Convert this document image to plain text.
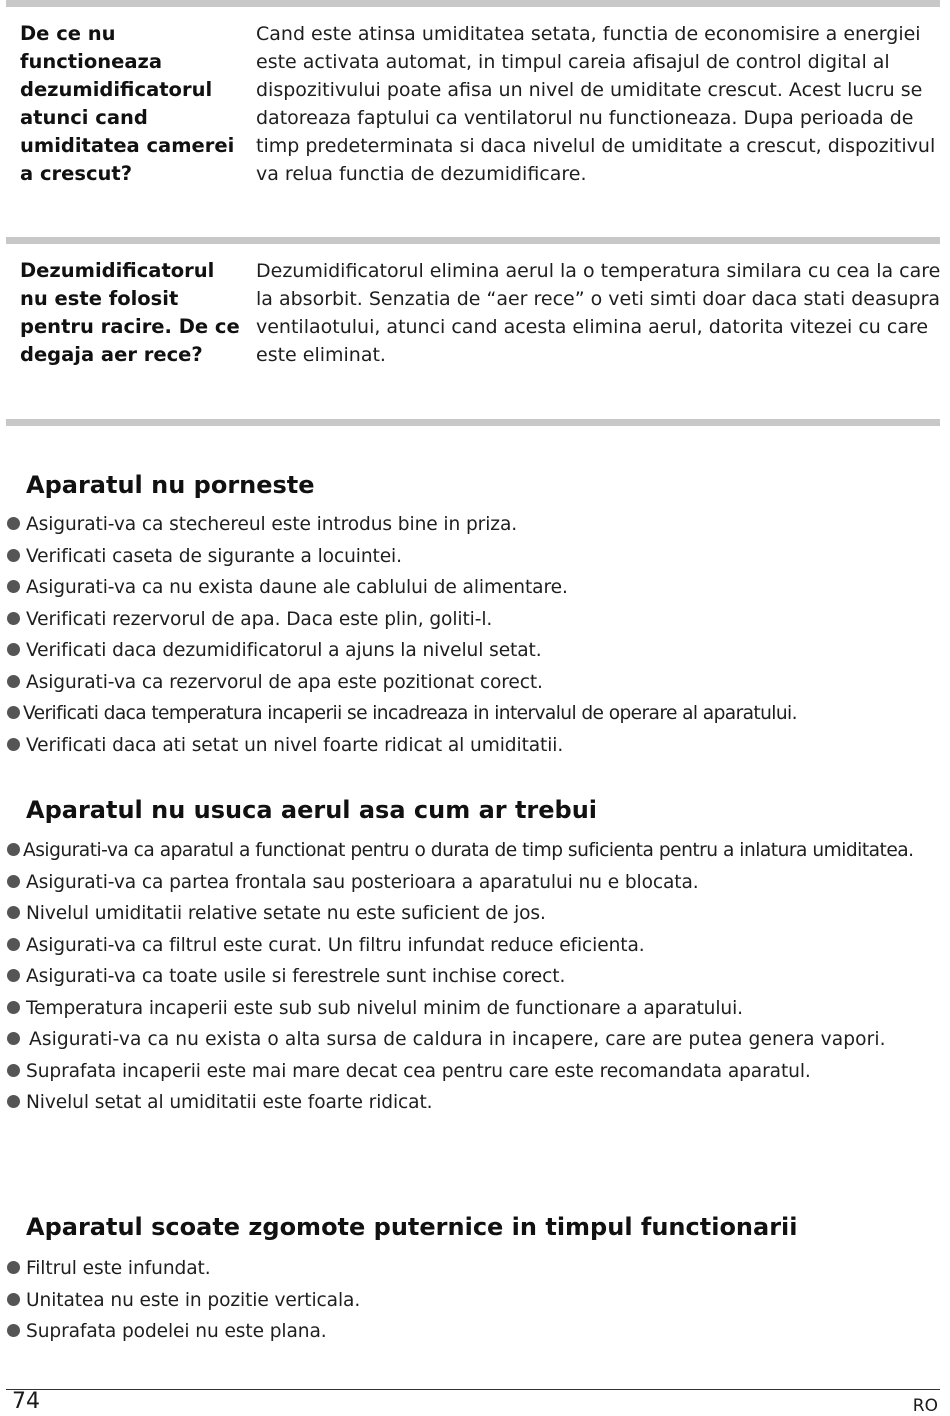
De ce nu functioneaza dezumidificatorul atunci cand umiditatea camerei a crescut?
Cand este atinsa umiditatea setata, functia de economisire a energiei este activata automat, in timpul careia afisajul de control digital al dispozitivului poate afisa un nivel de umiditate crescut. Acest lucru se datoreaza faptului ca ventilatorul nu functioneaza. Dupa perioada de timp predeterminata si daca nivelul de umiditate a crescut, dispozitivul va relua functia de dezumidificare.
Dezumidificatorul nu este folosit pentru racire. De ce degaja aer rece?
Dezumidificatorul elimina aerul la o temperatura similara cu cea la care la absorbit. Senzatia de “aer rece” o veti simti doar daca stati deasupra ventilaotului, atunci cand acesta elimina aerul, datorita vitezei cu care este eliminat.
Aparatul nu porneste
Asigurati-va ca stechereul este introdus bine in priza.
Verificati caseta de sigurante a locuintei.
Asigurati-va ca nu exista daune ale cablului de alimentare.
Verificati rezervorul de apa. Daca este plin, goliti-l.
Verificati daca dezumidificatorul a ajuns la nivelul setat.
Asigurati-va ca rezervorul de apa este pozitionat corect.
Verificati daca temperatura incaperii se incadreaza in intervalul de operare al aparatului.
Verificati daca ati setat un nivel foarte ridicat al umiditatii.
Aparatul nu usuca aerul asa cum ar trebui
Asigurati-va ca aparatul a functionat pentru o durata de timp suficienta pentru a inlatura umiditatea.
Asigurati-va ca partea frontala sau posterioara a aparatului nu e blocata.
Nivelul umiditatii relative setate nu este suficient de jos.
Asigurati-va ca filtrul este curat. Un filtru infundat reduce eficienta.
Asigurati-va ca toate usile si ferestrele sunt inchise corect.
Temperatura incaperii este sub sub nivelul minim de functionare a aparatului.
Asigurati-va ca nu exista o alta sursa de caldura in incapere, care are putea genera vapori.
Suprafata incaperii este mai mare decat cea pentru care este recomandata aparatul.
Nivelul setat al umiditatii este foarte ridicat.
Aparatul scoate zgomote puternice in timpul functionarii
Filtrul este infundat.
Unitatea nu este in pozitie verticala.
Suprafata podelei nu este plana.
74	RO
